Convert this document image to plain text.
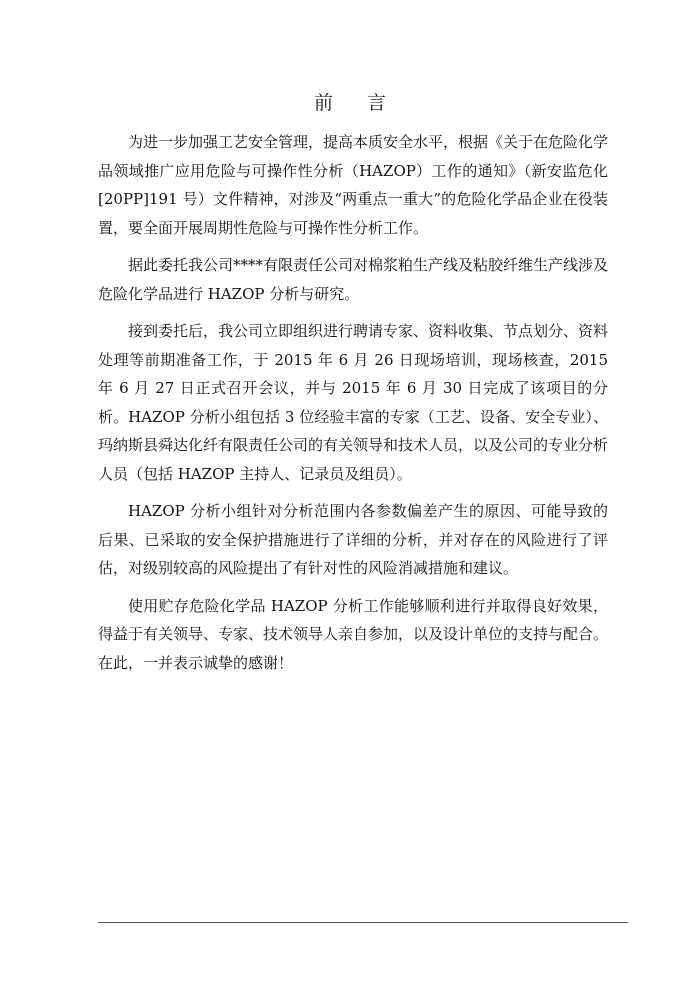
前 言

为进一步加强工艺安全管理，提高本质安全水平，根据《关于在危险化学品领域推广应用危险与可操作性分析（HAZOP）工作的通知》（新安监危化[20PP]191 号）文件精神，对涉及“两重点一重大”的危险化学品企业在役装置，要全面开展周期性危险与可操作性分析工作。

据此委托我公司****有限责任公司对棉浆粕生产线及粘胶纤维生产线涉及危险化学品进行 HAZOP 分析与研究。

接到委托后，我公司立即组织进行聘请专家、资料收集、节点划分、资料处理等前期准备工作，于 2015 年 6 月 26 日现场培训，现场核查，2015 年 6 月 27 日正式召开会议，并与 2015 年 6 月 30 日完成了该项目的分析。HAZOP 分析小组包括 3 位经验丰富的专家（工艺、设备、安全专业）、玛纳斯县舜达化纤有限责任公司的有关领导和技术人员，以及公司的专业分析人员（包括 HAZOP 主持人、记录员及组员）。

HAZOP 分析小组针对分析范围内各参数偏差产生的原因、可能导致的后果、已采取的安全保护措施进行了详细的分析，并对存在的风险进行了评估，对级别较高的风险提出了有针对性的风险消减措施和建议。

使用贮存危险化学品 HAZOP 分析工作能够顺利进行并取得良好效果，得益于有关领导、专家、技术领导人亲自参加，以及设计单位的支持与配合。在此，一并表示诚挚的感谢！
